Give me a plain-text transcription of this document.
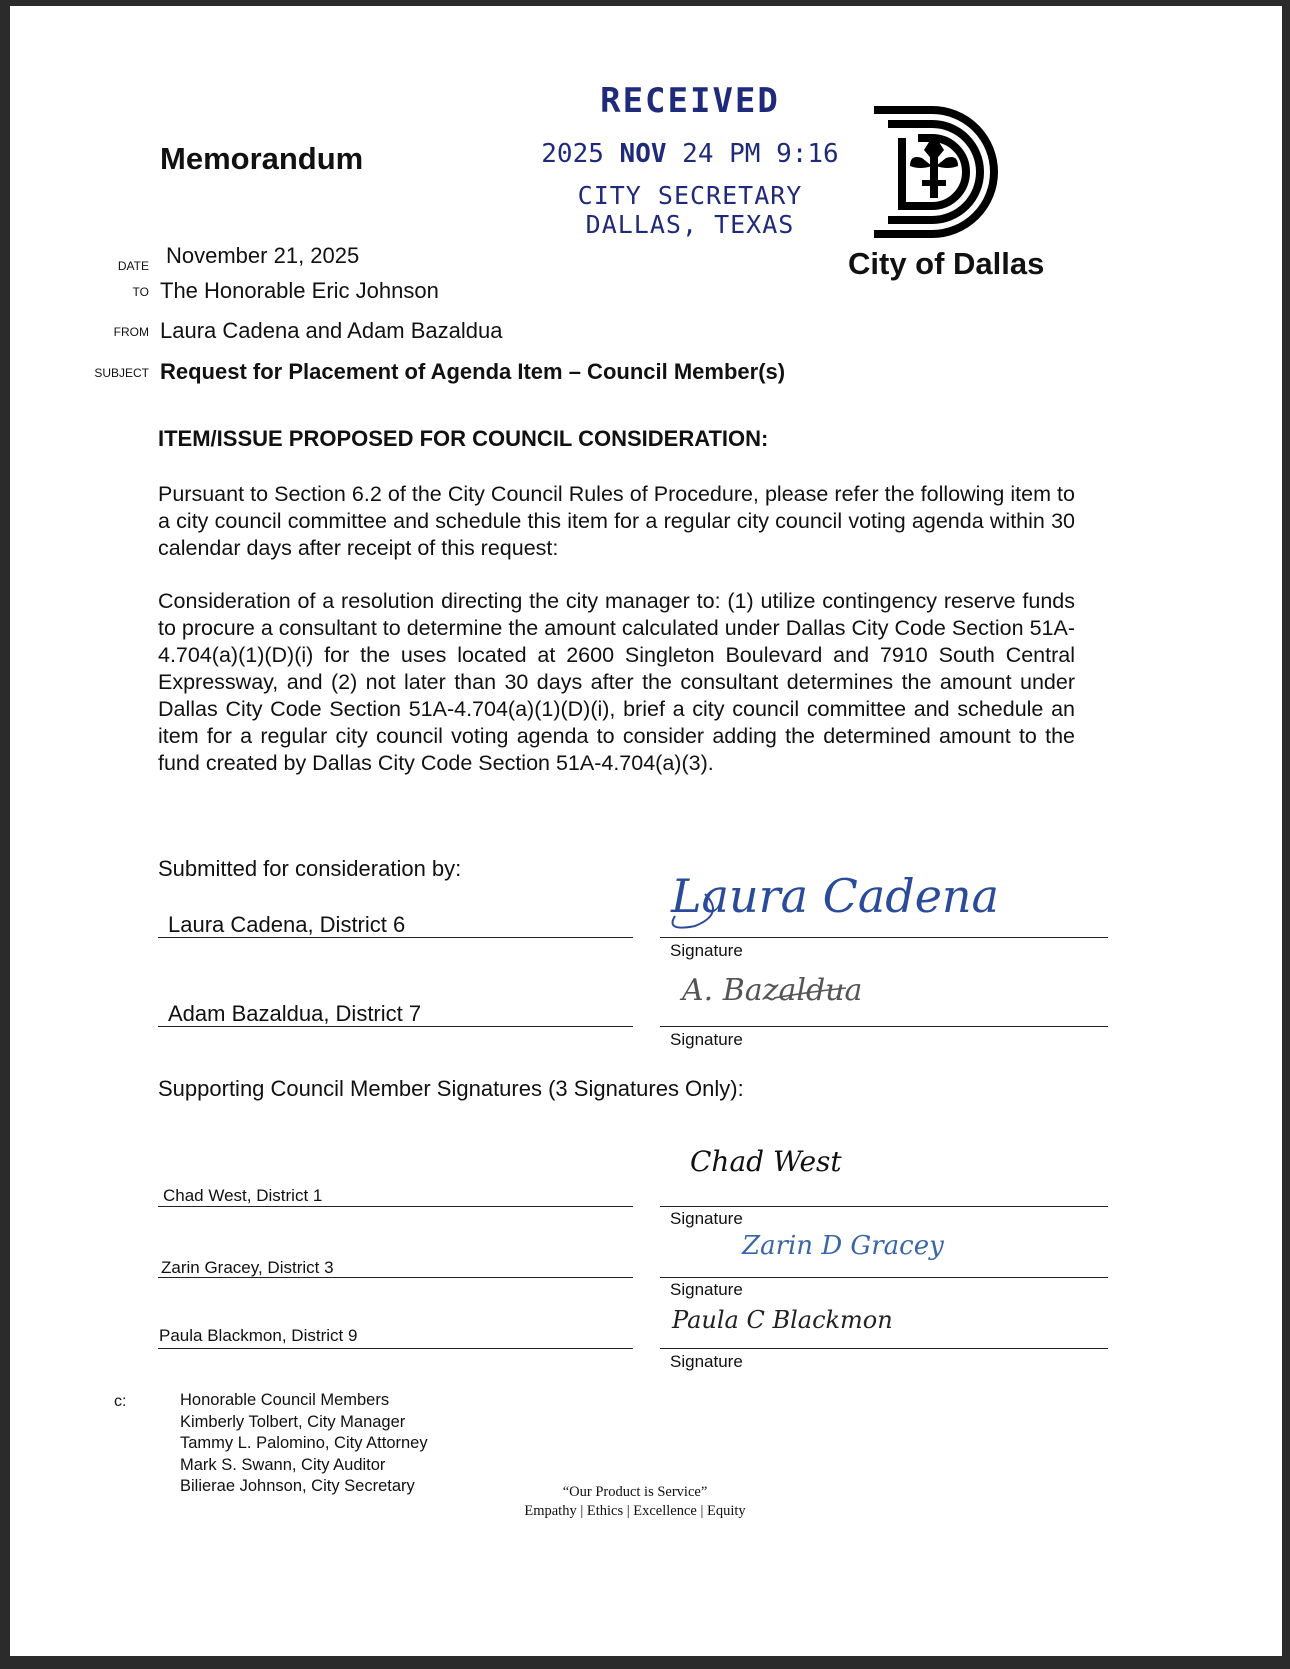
Memorandum
RECEIVED
2025 NOV 24 PM 9:16
CITY SECRETARY
DALLAS, TEXAS
City of Dallas
DATE November 21, 2025
TO The Honorable Eric Johnson
FROM Laura Cadena and Adam Bazaldua
SUBJECT Request for Placement of Agenda Item – Council Member(s)
ITEM/ISSUE PROPOSED FOR COUNCIL CONSIDERATION:
Pursuant to Section 6.2 of the City Council Rules of Procedure, please refer the following item to a city council committee and schedule this item for a regular city council voting agenda within 30 calendar days after receipt of this request:
Consideration of a resolution directing the city manager to: (1) utilize contingency reserve funds to procure a consultant to determine the amount calculated under Dallas City Code Section 51A-4.704(a)(1)(D)(i) for the uses located at 2600 Singleton Boulevard and 7910 South Central Expressway, and (2) not later than 30 days after the consultant determines the amount under Dallas City Code Section 51A-4.704(a)(1)(D)(i), brief a city council committee and schedule an item for a regular city council voting agenda to consider adding the determined amount to the fund created by Dallas City Code Section 51A-4.704(a)(3).
Submitted for consideration by:
Laura Cadena, District 6
Laura Cadena
Signature
Adam Bazaldua, District 7
A. Bazaldua
Signature
Supporting Council Member Signatures (3 Signatures Only):
Chad West, District 1
Chad West
Signature
Zarin Gracey, District 3
Zarin D Gracey
Signature
Paula Blackmon, District 9
Paula C Blackmon
Signature
c:	Honorable Council Members
Kimberly Tolbert, City Manager
Tammy L. Palomino, City Attorney
Mark S. Swann, City Auditor
Bilierae Johnson, City Secretary	“Our Product is Service”
Empathy | Ethics | Excellence | Equity
